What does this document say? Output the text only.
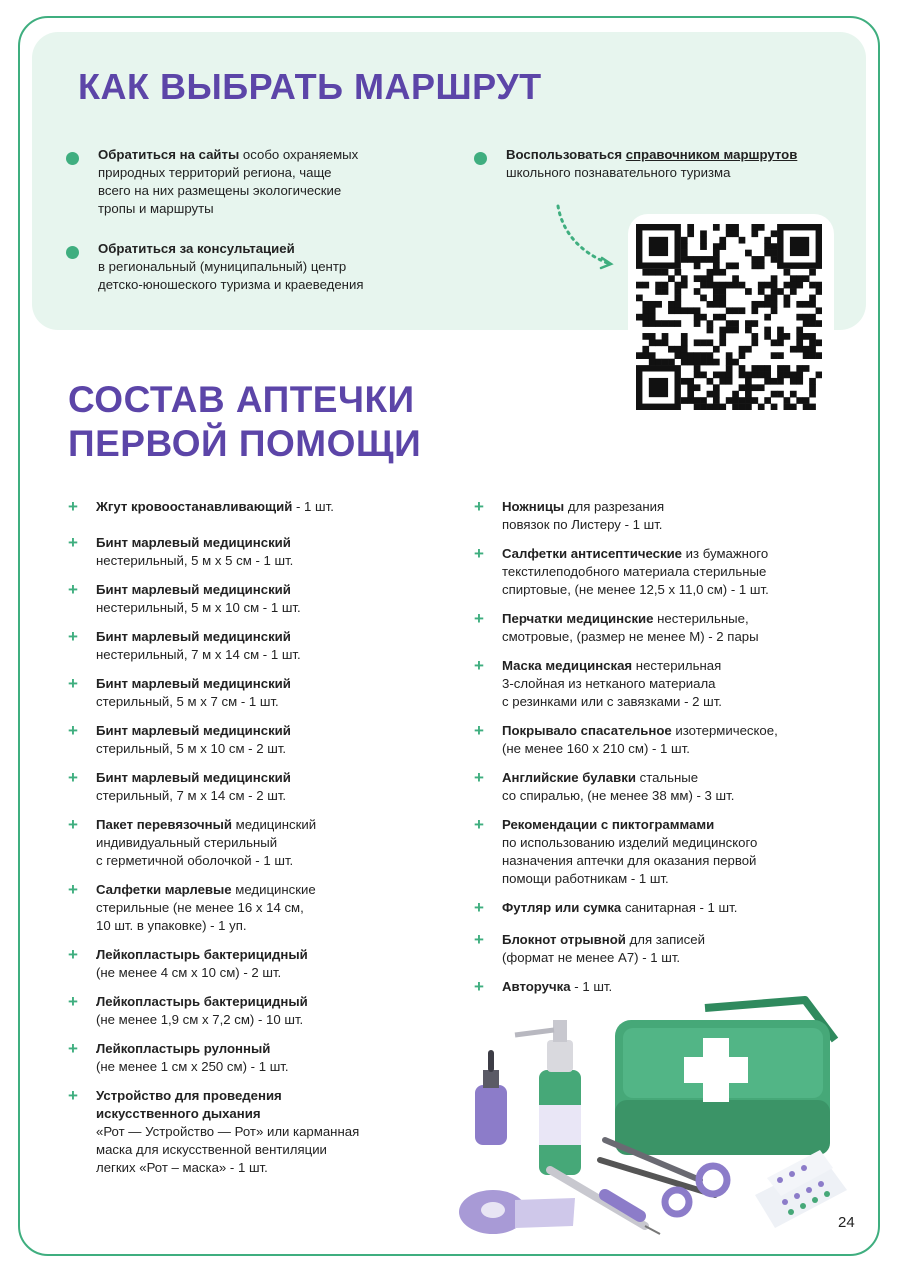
КАК ВЫБРАТЬ МАРШРУТ
Обратиться на сайты особо охраняемых
природных территорий региона, чаще
всего на них размещены экологические
тропы и маршруты
Обратиться за консультацией
в региональный (муниципальный) центр
детско-юношеского туризма и краеведения
Воспользоваться справочником маршрутов
школьного познавательного туризма
СОСТАВ АПТЕЧКИ
ПЕРВОЙ ПОМОЩИ
+ Жгут кровоостанавливающий - 1 шт.
+ Бинт марлевый медицинский
нестерильный, 5 м х 5 см - 1 шт.
+ Бинт марлевый медицинский
нестерильный, 5 м х 10 см - 1 шт.
+ Бинт марлевый медицинский
нестерильный, 7 м х 14 см - 1 шт.
+ Бинт марлевый медицинский
стерильный, 5 м х 7 см - 1 шт.
+ Бинт марлевый медицинский
стерильный, 5 м х 10 см - 2 шт.
+ Бинт марлевый медицинский
стерильный, 7 м х 14 см - 2 шт.
+ Пакет перевязочный медицинский
индивидуальный стерильный
с герметичной оболочкой - 1 шт.
+ Салфетки марлевые медицинские
стерильные (не менее 16 х 14 см,
10 шт. в упаковке) - 1 уп.
+ Лейкопластырь бактерицидный
(не менее 4 см х 10 см) - 2 шт.
+ Лейкопластырь бактерицидный
(не менее 1,9 см х 7,2 см) - 10 шт.
+ Лейкопластырь рулонный
(не менее 1 см х 250 см) - 1 шт.
+ Устройство для проведения
искусственного дыхания
«Рот — Устройство — Рот» или карманная
маска для искусственной вентиляции
легких «Рот – маска» - 1 шт.
+ Ножницы для разрезания
повязок по Листеру - 1 шт.
+ Салфетки антисептические из бумажного
текстилеподобного материала стерильные
спиртовые, (не менее 12,5 х 11,0 см) - 1 шт.
+ Перчатки медицинские нестерильные,
смотровые, (размер не менее М) - 2 пары
+ Маска медицинская нестерильная
3-слойная из нетканого материала
с резинками или с завязками - 2 шт.
+ Покрывало спасательное изотермическое,
(не менее 160 х 210 см) - 1 шт.
+ Английские булавки стальные
со спиралью, (не менее 38 мм) - 3 шт.
+ Рекомендации с пиктограммами
по использованию изделий медицинского
назначения аптечки для оказания первой
помощи работникам - 1 шт.
+ Футляр или сумка санитарная - 1 шт.
+ Блокнот отрывной для записей
(формат не менее А7) - 1 шт.
+ Авторучка - 1 шт.
24
